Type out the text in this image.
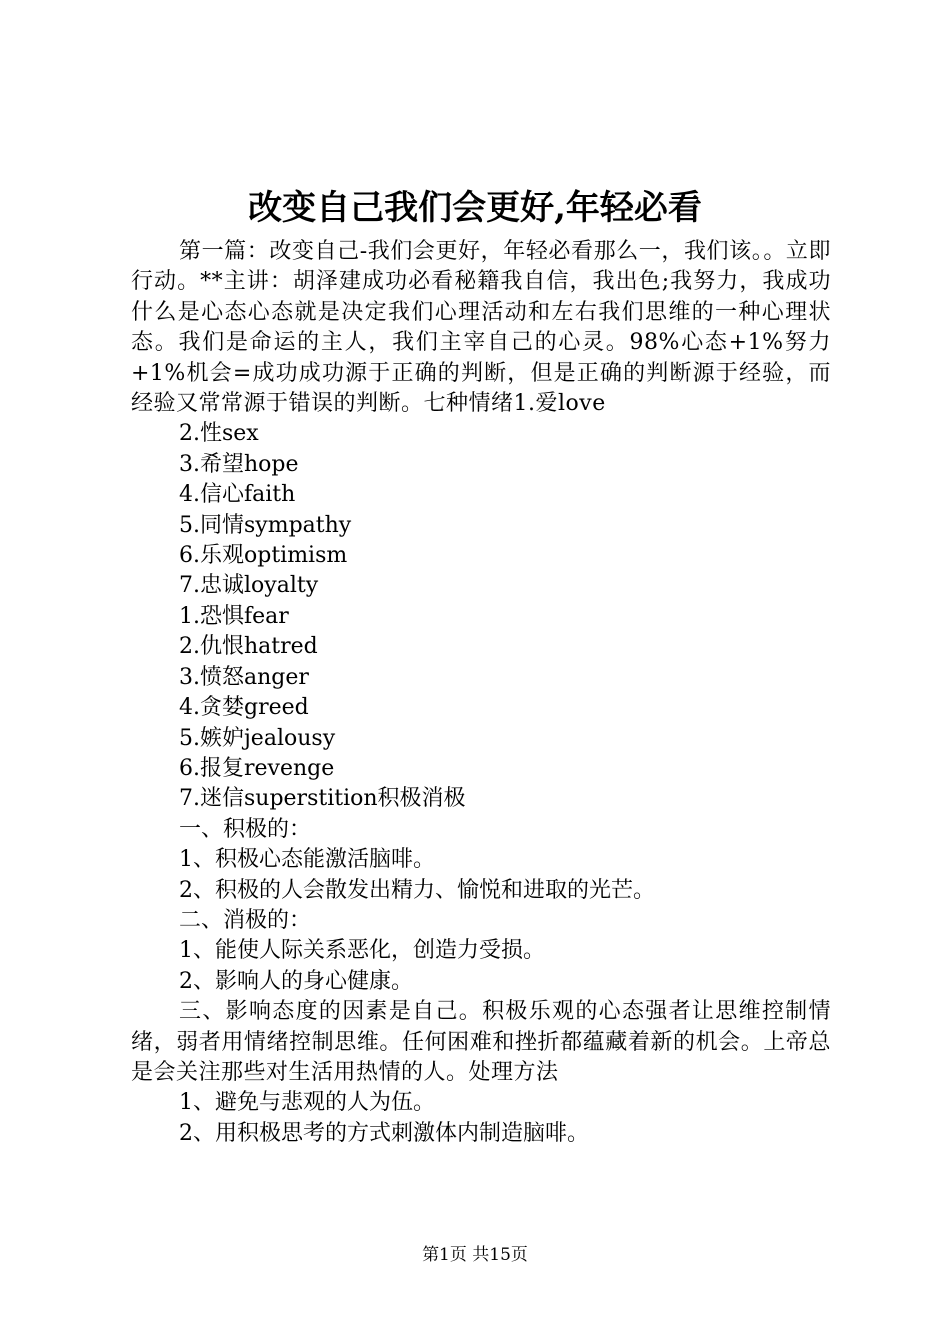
改变自己我们会更好,年轻必看

第一篇：改变自己-我们会更好，年轻必看那么一，我们该。。立即行动。**主讲：胡泽建成功必看秘籍我自信，我出色;我努力，我成功什么是心态心态就是决定我们心理活动和左右我们思维的一种心理状态。我们是命运的主人，我们主宰自己的心灵。98%心态+1%努力+1%机会=成功成功源于正确的判断，但是正确的判断源于经验，而经验又常常源于错误的判断。七种情绪1.爱love

2.性sex

3.希望hope

4.信心faith

5.同情sympathy

6.乐观optimism

7.忠诚loyalty

1.恐惧fear

2.仇恨hatred

3.愤怒anger

4.贪婪greed

5.嫉妒jealousy

6.报复revenge

7.迷信superstition积极消极

一、积极的：

1、积极心态能激活脑啡。

2、积极的人会散发出精力、愉悦和进取的光芒。

二、消极的：

1、能使人际关系恶化，创造力受损。

2、影响人的身心健康。

三、影响态度的因素是自己。积极乐观的心态强者让思维控制情绪，弱者用情绪控制思维。任何困难和挫折都蕴藏着新的机会。上帝总是会关注那些对生活用热情的人。处理方法

1、避免与悲观的人为伍。

2、用积极思考的方式刺激体内制造脑啡。

第1页 共15页
